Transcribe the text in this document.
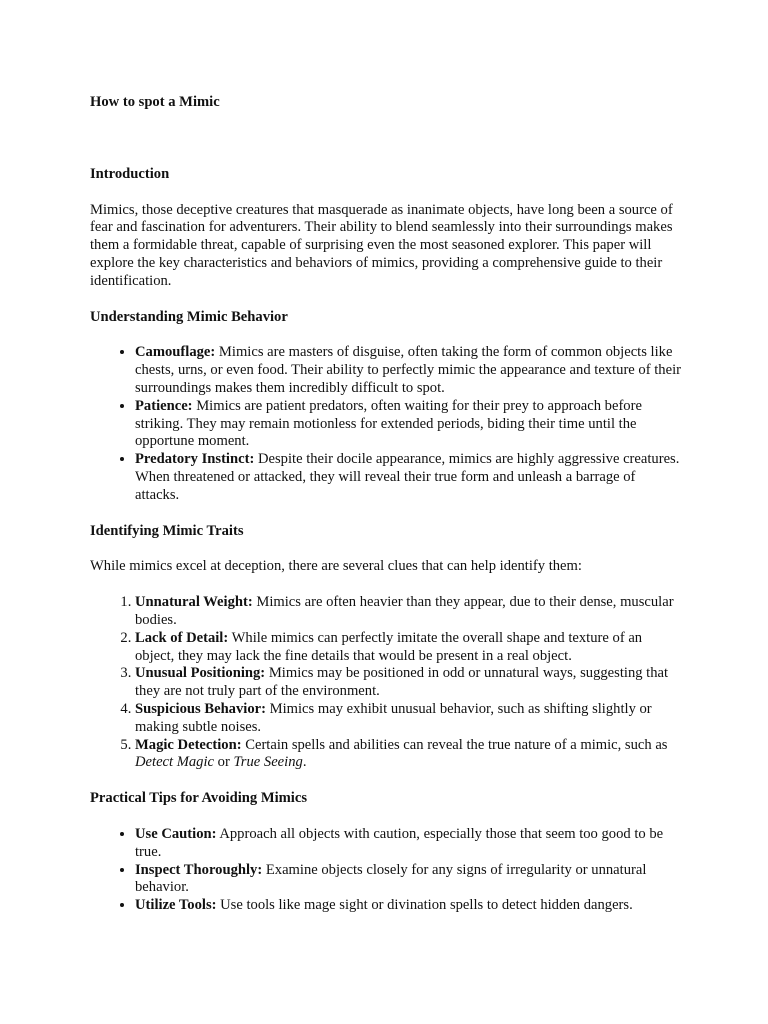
How to spot a Mimic
Introduction

Mimics, those deceptive creatures that masquerade as inanimate objects, have long been a source of fear and fascination for adventurers. Their ability to blend seamlessly into their surroundings makes them a formidable threat, capable of surprising even the most seasoned explorer. This paper will explore the key characteristics and behaviors of mimics, providing a comprehensive guide to their identification.

Understanding Mimic Behavior
• Camouflage: Mimics are masters of disguise, often taking the form of common objects like chests, urns, or even food. Their ability to perfectly mimic the appearance and texture of their surroundings makes them incredibly difficult to spot.
• Patience: Mimics are patient predators, often waiting for their prey to approach before striking. They may remain motionless for extended periods, biding their time until the opportune moment.
• Predatory Instinct: Despite their docile appearance, mimics are highly aggressive creatures. When threatened or attacked, they will reveal their true form and unleash a barrage of attacks.
Identifying Mimic Traits

While mimics excel at deception, there are several clues that can help identify them:

1. Unnatural Weight: Mimics are often heavier than they appear, due to their dense, muscular bodies.
2. Lack of Detail: While mimics can perfectly imitate the overall shape and texture of an object, they may lack the fine details that would be present in a real object.
3. Unusual Positioning: Mimics may be positioned in odd or unnatural ways, suggesting that they are not truly part of the environment.
4. Suspicious Behavior: Mimics may exhibit unusual behavior, such as shifting slightly or making subtle noises.
5. Magic Detection: Certain spells and abilities can reveal the true nature of a mimic, such as Detect Magic or True Seeing.
Practical Tips for Avoiding Mimics
• Use Caution: Approach all objects with caution, especially those that seem too good to be true.
• Inspect Thoroughly: Examine objects closely for any signs of irregularity or unnatural behavior.
• Utilize Tools: Use tools like mage sight or divination spells to detect hidden dangers.
